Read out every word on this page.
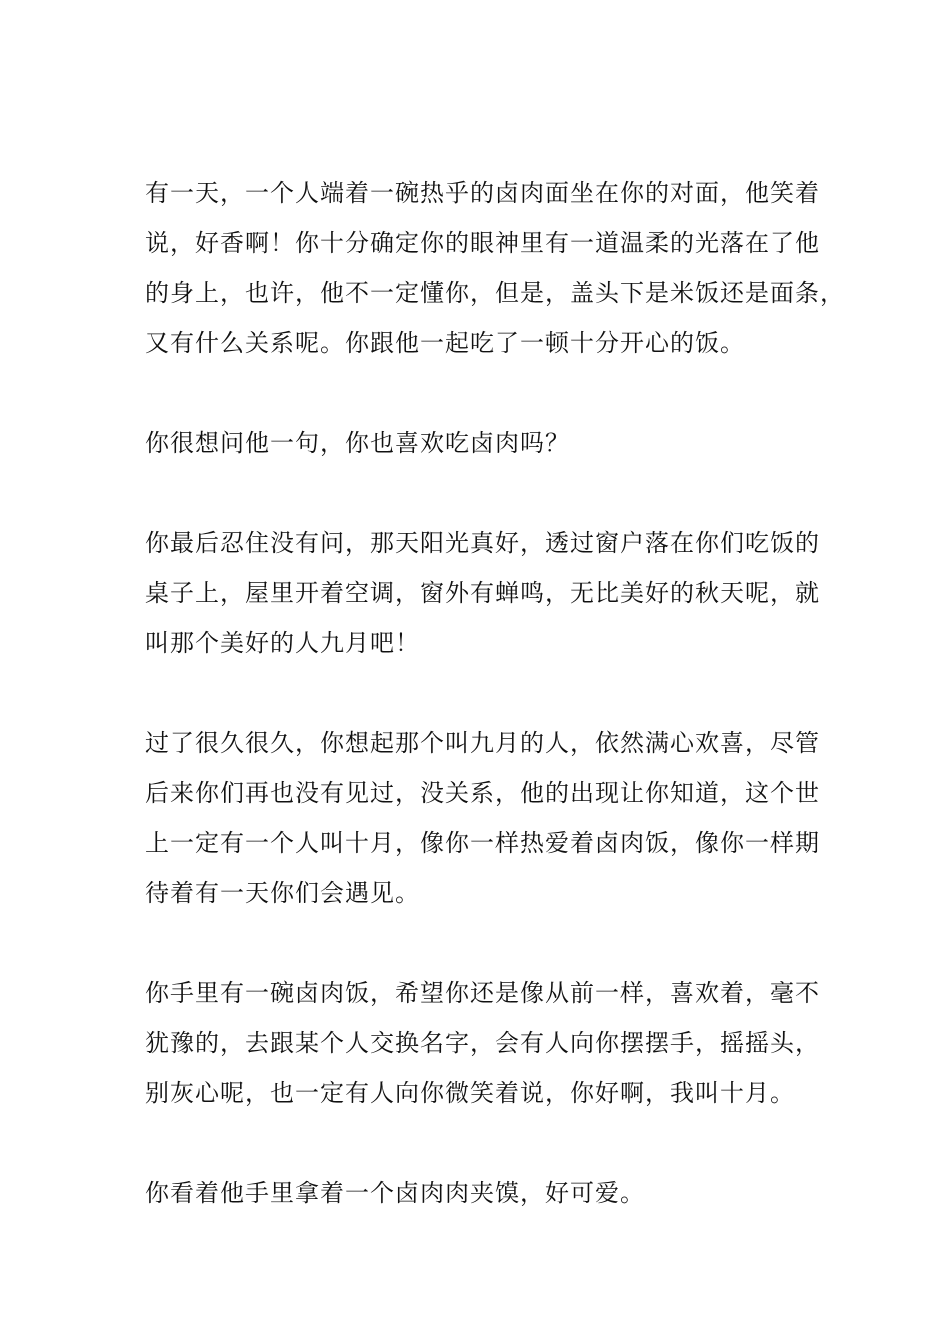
有一天，一个人端着一碗热乎的卤肉面坐在你的对面，他笑着
说，好香啊！你十分确定你的眼神里有一道温柔的光落在了他
的身上，也许，他不一定懂你，但是，盖头下是米饭还是面条，
又有什么关系呢。你跟他一起吃了一顿十分开心的饭。

你很想问他一句，你也喜欢吃卤肉吗？

你最后忍住没有问，那天阳光真好，透过窗户落在你们吃饭的
桌子上，屋里开着空调，窗外有蝉鸣，无比美好的秋天呢，就
叫那个美好的人九月吧！

过了很久很久，你想起那个叫九月的人，依然满心欢喜，尽管
后来你们再也没有见过，没关系，他的出现让你知道，这个世
上一定有一个人叫十月，像你一样热爱着卤肉饭，像你一样期
待着有一天你们会遇见。

你手里有一碗卤肉饭，希望你还是像从前一样，喜欢着，毫不
犹豫的，去跟某个人交换名字，会有人向你摆摆手，摇摇头，
别灰心呢，也一定有人向你微笑着说，你好啊，我叫十月。

你看着他手里拿着一个卤肉肉夹馍，好可爱。
